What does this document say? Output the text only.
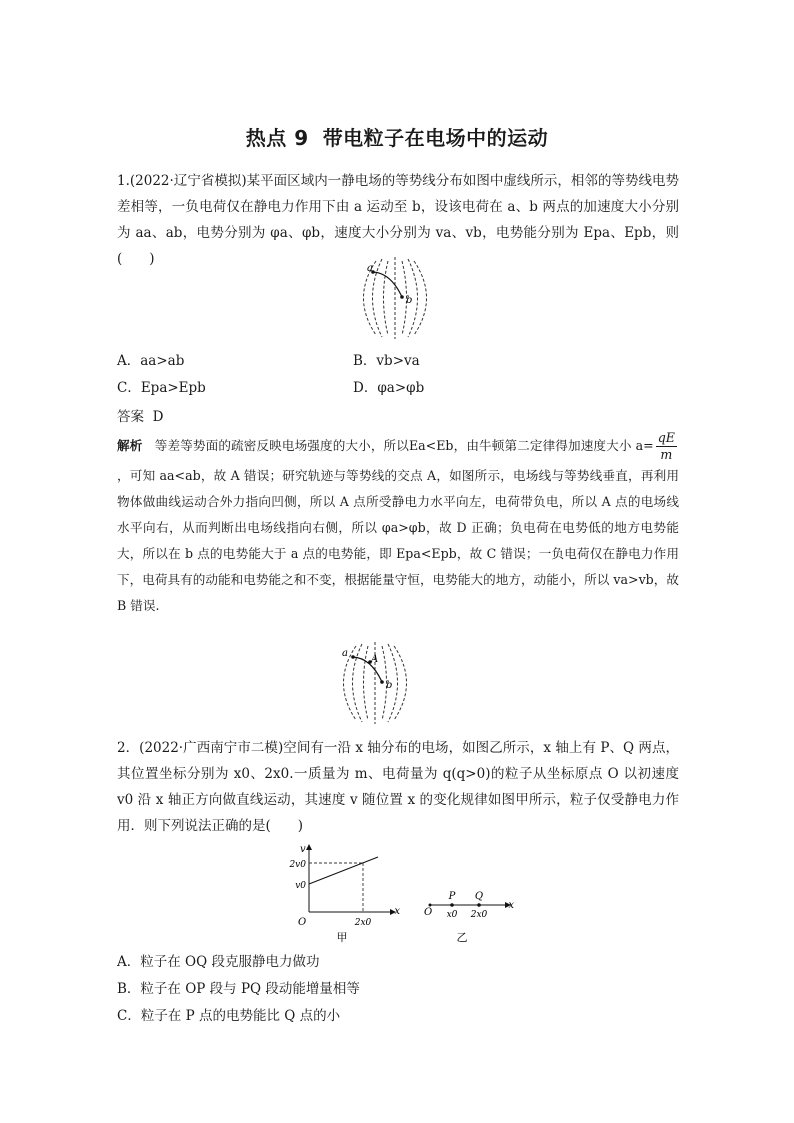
热点 9 带电粒子在电场中的运动
1.(2022·辽宁省模拟)某平面区域内一静电场的等势线分布如图中虚线所示，相邻的等势线电势差相等，一负电荷仅在静电力作用下由 a 运动至 b，设该电荷在 a、b 两点的加速度大小分别为 aa、ab，电势分别为 φa、φb，速度大小分别为 va、vb，电势能分别为 Epa、Epb，则(　　)
a
b
A．aa>ab	B．vb>va
C．Epa>Epb	D．φa>φb
答案 D
解析 等差等势面的疏密反映电场强度的大小，所以Ea<Eb，由牛顿第二定律得加速度大小 $a= \frac{qE}{m}$
，可知 aa<ab，故 A 错误；研究轨迹与等势线的交点 A，如图所示，电场线与等势线垂直，再利用物体做曲线运动合外力指向凹侧，所以 A 点所受静电力水平向左，电荷带负电，所以 A 点的电场线水平向右，从而判断出电场线指向右侧，所以 φa>φb，故 D 正确；负电荷在电势低的地方电势能大，所以在 b 点的电势能大于 a 点的电势能，即 Epa<Epb，故 C 错误；一负电荷仅在静电力作用下，电荷具有的动能和电势能之和不变，根据能量守恒，电势能大的地方，动能小，所以 va>vb，故 B 错误.
a
A
b
2．(2022·广西南宁市二模)空间有一沿 x 轴分布的电场，如图乙所示，x 轴上有 P、Q 两点，其位置坐标分别为 x0、2x0.一质量为 m、电荷量为 q(q>0)的粒子从坐标原点 O 以初速度 v0 沿 x 轴正方向做直线运动，其速度 v 随位置 x 的变化规律如图甲所示，粒子仅受静电力作用．则下列说法正确的是(　　)
v
x
O
2v0
v0
2x0
甲
O
P Q
x0 2x0
x
乙
A．粒子在 OQ 段克服静电力做功
B．粒子在 OP 段与 PQ 段动能增量相等
C．粒子在 P 点的电势能比 Q 点的小
